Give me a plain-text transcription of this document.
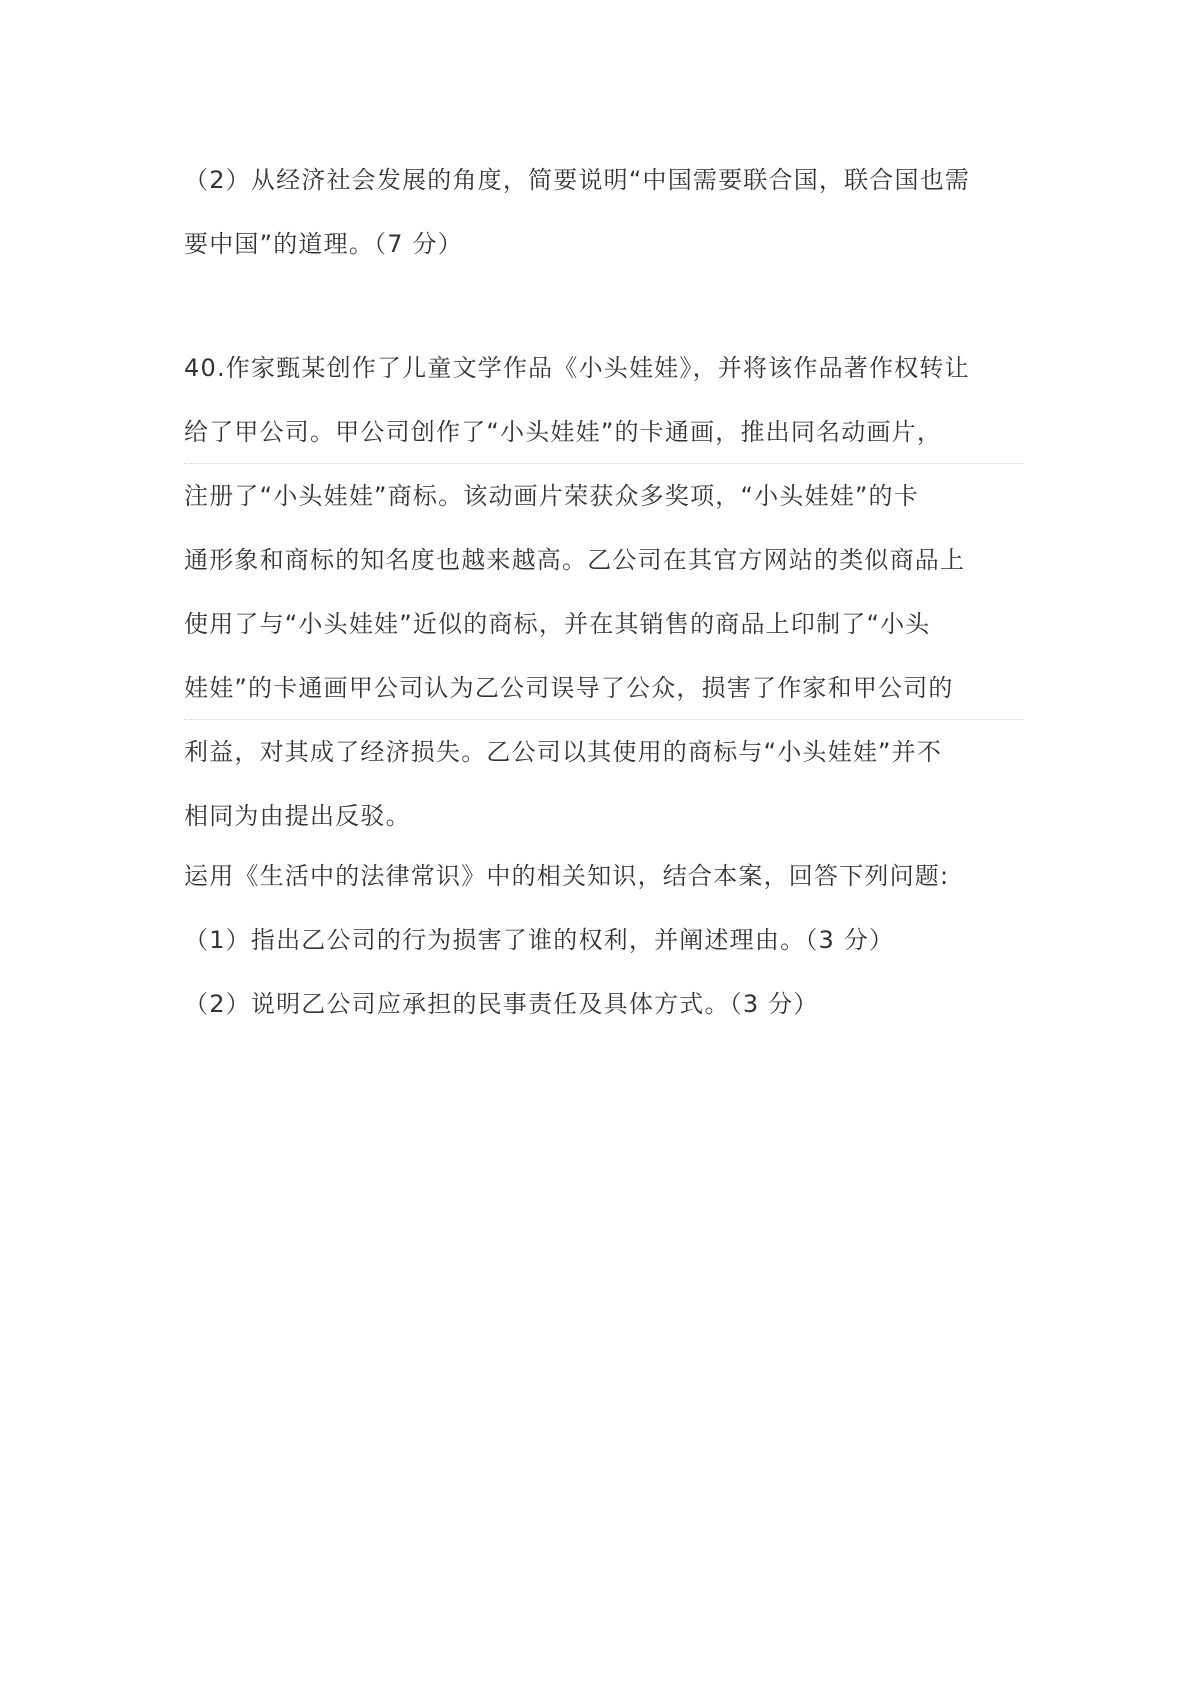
（2）从经济社会发展的角度，简要说明“中国需要联合国，联合国也需
要中国”的道理。（7 分）
40.作家甄某创作了儿童文学作品《小头娃娃》，并将该作品著作权转让
给了甲公司。甲公司创作了“小头娃娃”的卡通画，推出同名动画片，
注册了“小头娃娃”商标。该动画片荣获众多奖项，“小头娃娃”的卡
通形象和商标的知名度也越来越高。乙公司在其官方网站的类似商品上
使用了与“小头娃娃”近似的商标，并在其销售的商品上印制了“小头
娃娃”的卡通画甲公司认为乙公司误导了公众，损害了作家和甲公司的
利益，对其成了经济损失。乙公司以其使用的商标与“小头娃娃”并不
相同为由提出反驳。
运用《生活中的法律常识》中的相关知识，结合本案，回答下列问题:
（1）指出乙公司的行为损害了谁的权利，并阐述理由。（3 分）
（2）说明乙公司应承担的民事责任及具体方式。（3 分）
